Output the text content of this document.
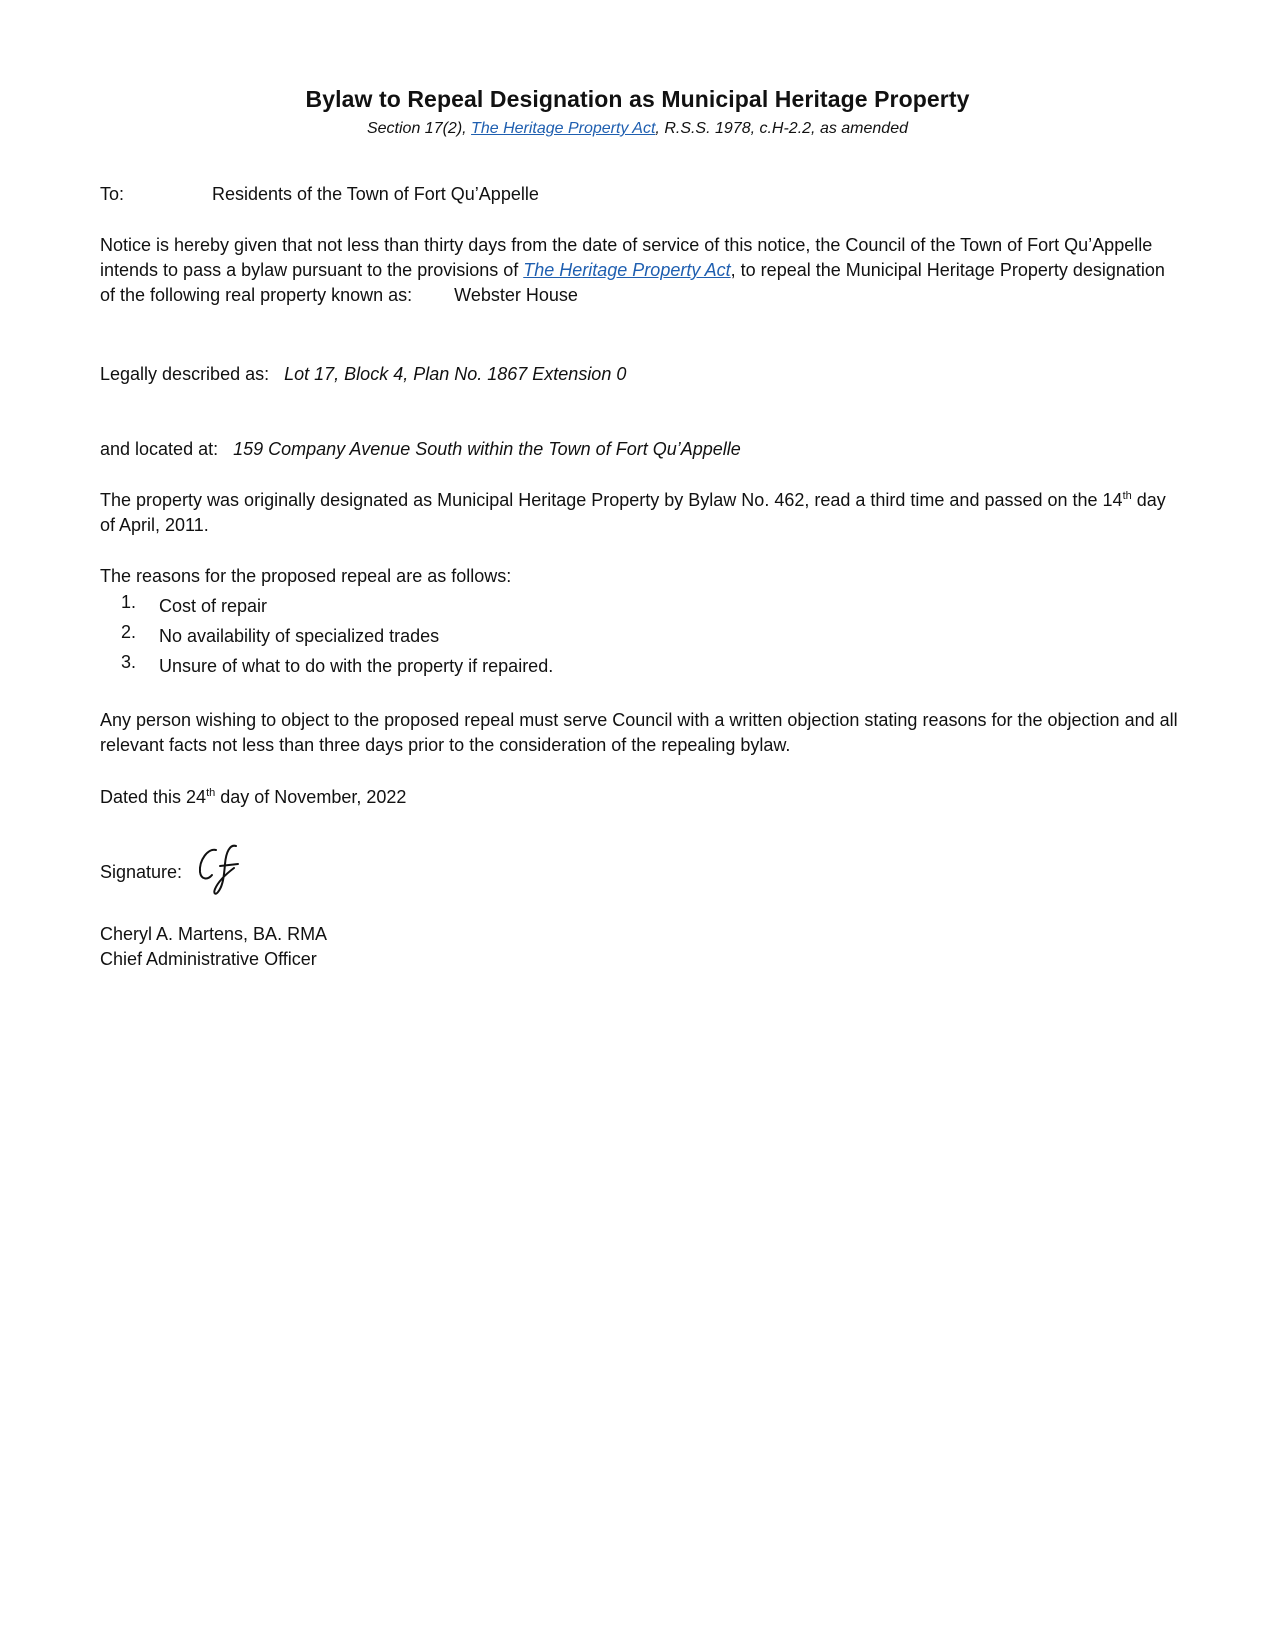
Bylaw to Repeal Designation as Municipal Heritage Property
Section 17(2), The Heritage Property Act, R.S.S. 1978, c.H-2.2, as amended
To:	Residents of the Town of Fort Qu’Appelle
Notice is hereby given that not less than thirty days from the date of service of this notice, the Council of the Town of Fort Qu’Appelle intends to pass a bylaw pursuant to the provisions of The Heritage Property Act, to repeal the Municipal Heritage Property designation of the following real property known as: Webster House
Legally described as: Lot 17, Block 4, Plan No. 1867 Extension 0
and located at: 159 Company Avenue South within the Town of Fort Qu’Appelle
The property was originally designated as Municipal Heritage Property by Bylaw No. 462, read a third time and passed on the 14th day of April, 2011.
The reasons for the proposed repeal are as follows:
1. Cost of repair
2. No availability of specialized trades
3. Unsure of what to do with the property if repaired.
Any person wishing to object to the proposed repeal must serve Council with a written objection stating reasons for the objection and all relevant facts not less than three days prior to the consideration of the repealing bylaw.
Dated this 24th day of November, 2022
Signature:
Cheryl A. Martens, BA. RMA
Chief Administrative Officer
